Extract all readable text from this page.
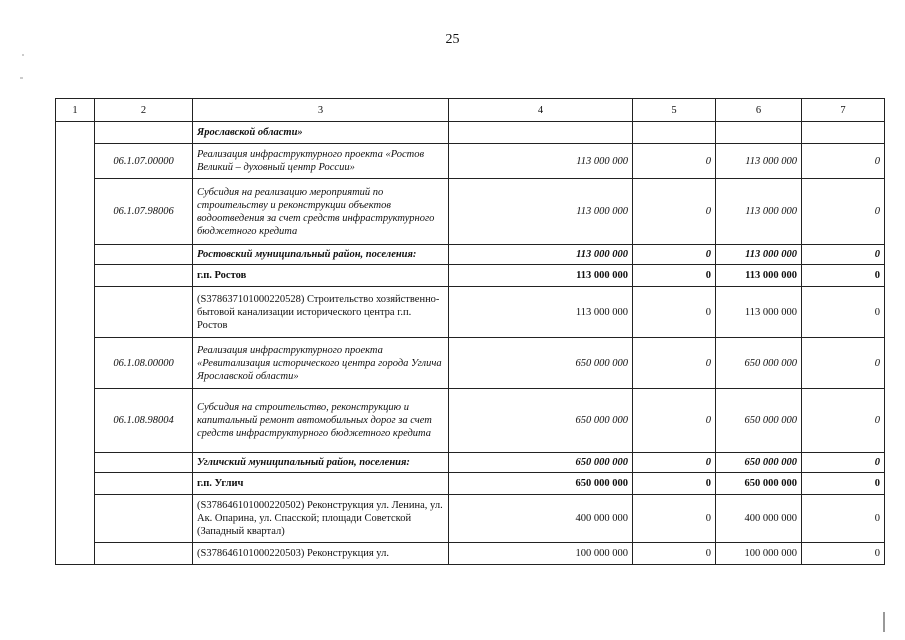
25
1	2	3	4	5	6	7
		Ярославской области»				
	06.1.07.00000	Реализация инфраструктурного проекта «Ростов Великий – духовный центр России»	113 000 000	0	113 000 000	0
	06.1.07.98006	Субсидия на реализацию мероприятий по строительству и реконструкции объектов водоотведения за счет средств инфраструктурного бюджетного кредита	113 000 000	0	113 000 000	0
		Ростовский муниципальный район, поселения:	113 000 000	0	113 000 000	0
		г.п. Ростов	113 000 000	0	113 000 000	0
		(S378637101000220528) Строительство хозяйственно-бытовой канализации исторического центра г.п. Ростов	113 000 000	0	113 000 000	0
	06.1.08.00000	Реализация инфраструктурного проекта «Ревитализация исторического центра города Углича Ярославской области»	650 000 000	0	650 000 000	0
	06.1.08.98004	Субсидия на строительство, реконструкцию и капитальный ремонт автомобильных дорог за счет средств инфраструктурного бюджетного кредита	650 000 000	0	650 000 000	0
		Угличский муниципальный район, поселения:	650 000 000	0	650 000 000	0
		г.п. Углич	650 000 000	0	650 000 000	0
		(S378646101000220502) Реконструкция ул. Ленина, ул. Ак. Опарина, ул. Спасской; площади Советской (Западный квартал)	400 000 000	0	400 000 000	0
		(S378646101000220503) Реконструкция ул.	100 000 000	0	100 000 000	0
